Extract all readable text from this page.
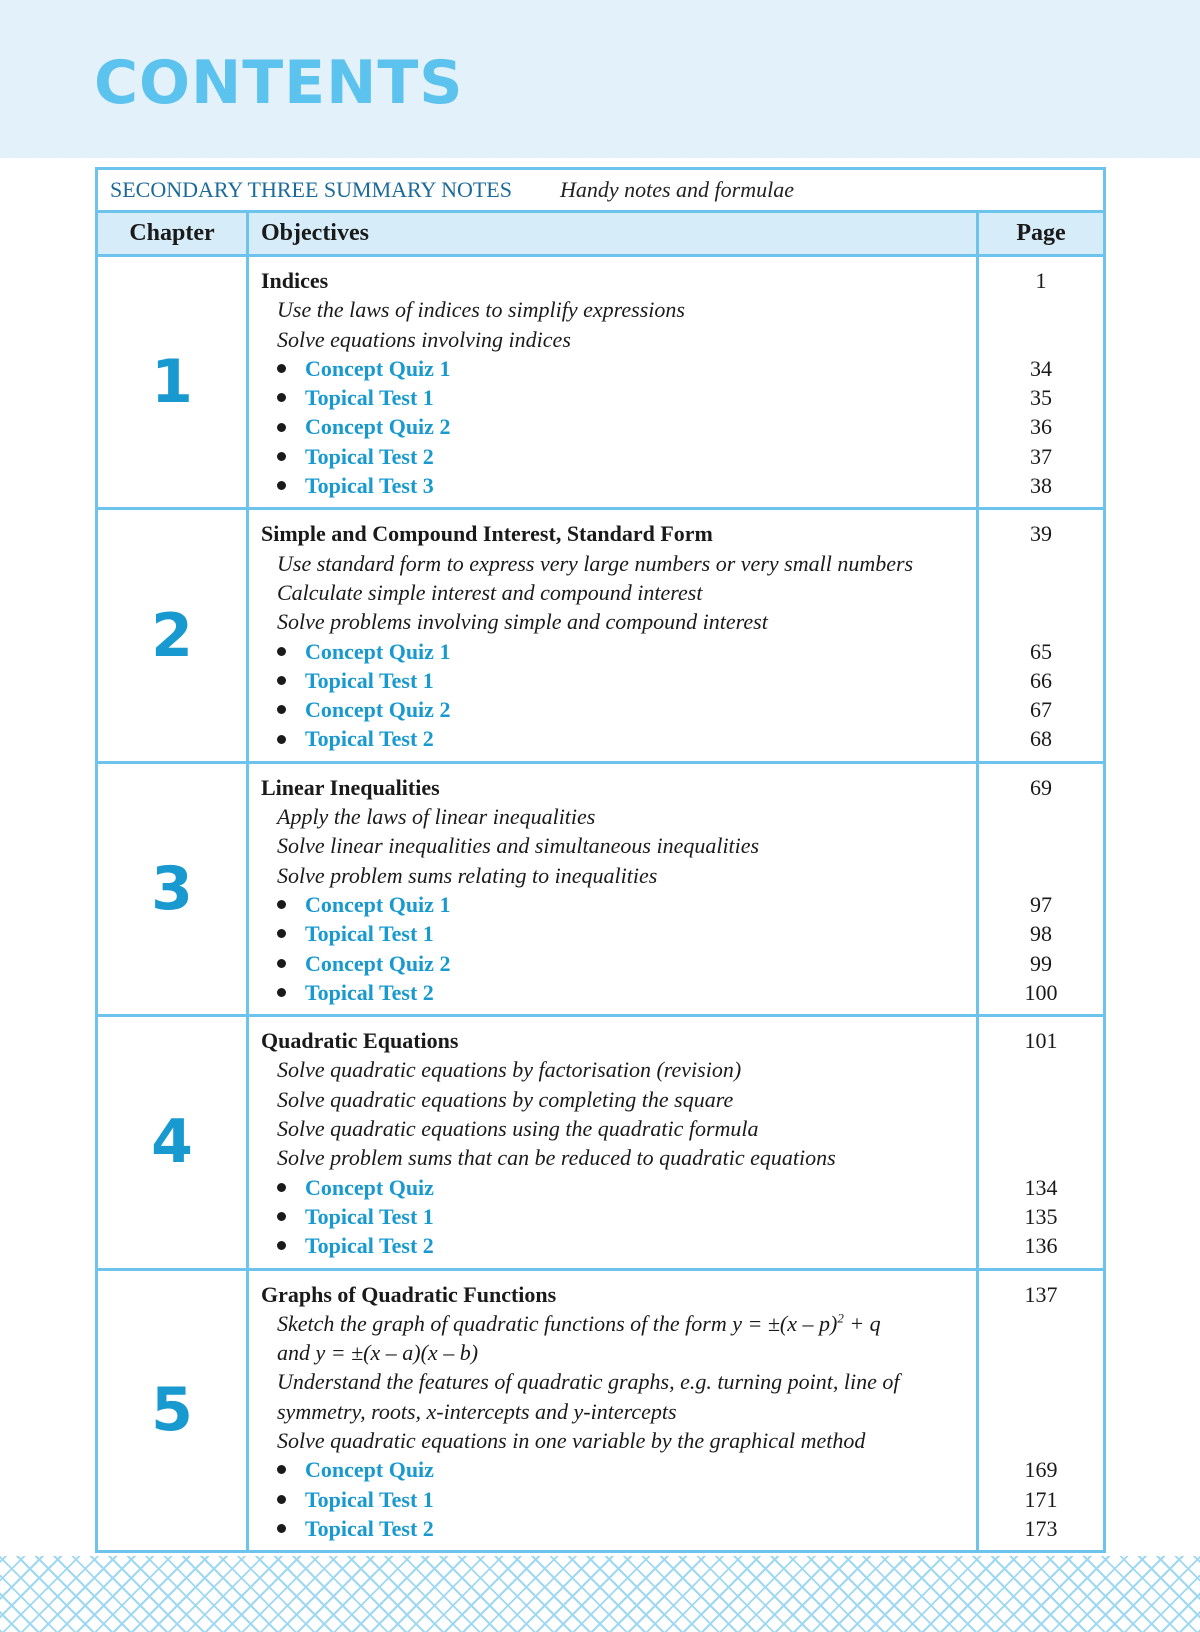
CONTENTS
SECONDARY THREE SUMMARY NOTES Handy notes and formulae
Chapter	Objectives	Page
1
Indices
Use the laws of indices to simplify expressions
Solve equations involving indices
Concept Quiz 1
Topical Test 1
Concept Quiz 2
Topical Test 2
Topical Test 3
1
34
35
36
37
38
2
Simple and Compound Interest, Standard Form
Use standard form to express very large numbers or very small numbers
Calculate simple interest and compound interest
Solve problems involving simple and compound interest
Concept Quiz 1
Topical Test 1
Concept Quiz 2
Topical Test 2
39
65
66
67
68
3
Linear Inequalities
Apply the laws of linear inequalities
Solve linear inequalities and simultaneous inequalities
Solve problem sums relating to inequalities
Concept Quiz 1
Topical Test 1
Concept Quiz 2
Topical Test 2
69
97
98
99
100
4
Quadratic Equations
Solve quadratic equations by factorisation (revision)
Solve quadratic equations by completing the square
Solve quadratic equations using the quadratic formula
Solve problem sums that can be reduced to quadratic equations
Concept Quiz
Topical Test 1
Topical Test 2
101
134
135
136
5
Graphs of Quadratic Functions
Sketch the graph of quadratic functions of the form y = ±(x – p)$^2$ + q
and y = ±(x – a)(x – b)
Understand the features of quadratic graphs, e.g. turning point, line of
symmetry, roots, x-intercepts and y-intercepts
Solve quadratic equations in one variable by the graphical method
Concept Quiz
Topical Test 1
Topical Test 2
137
169
171
173
